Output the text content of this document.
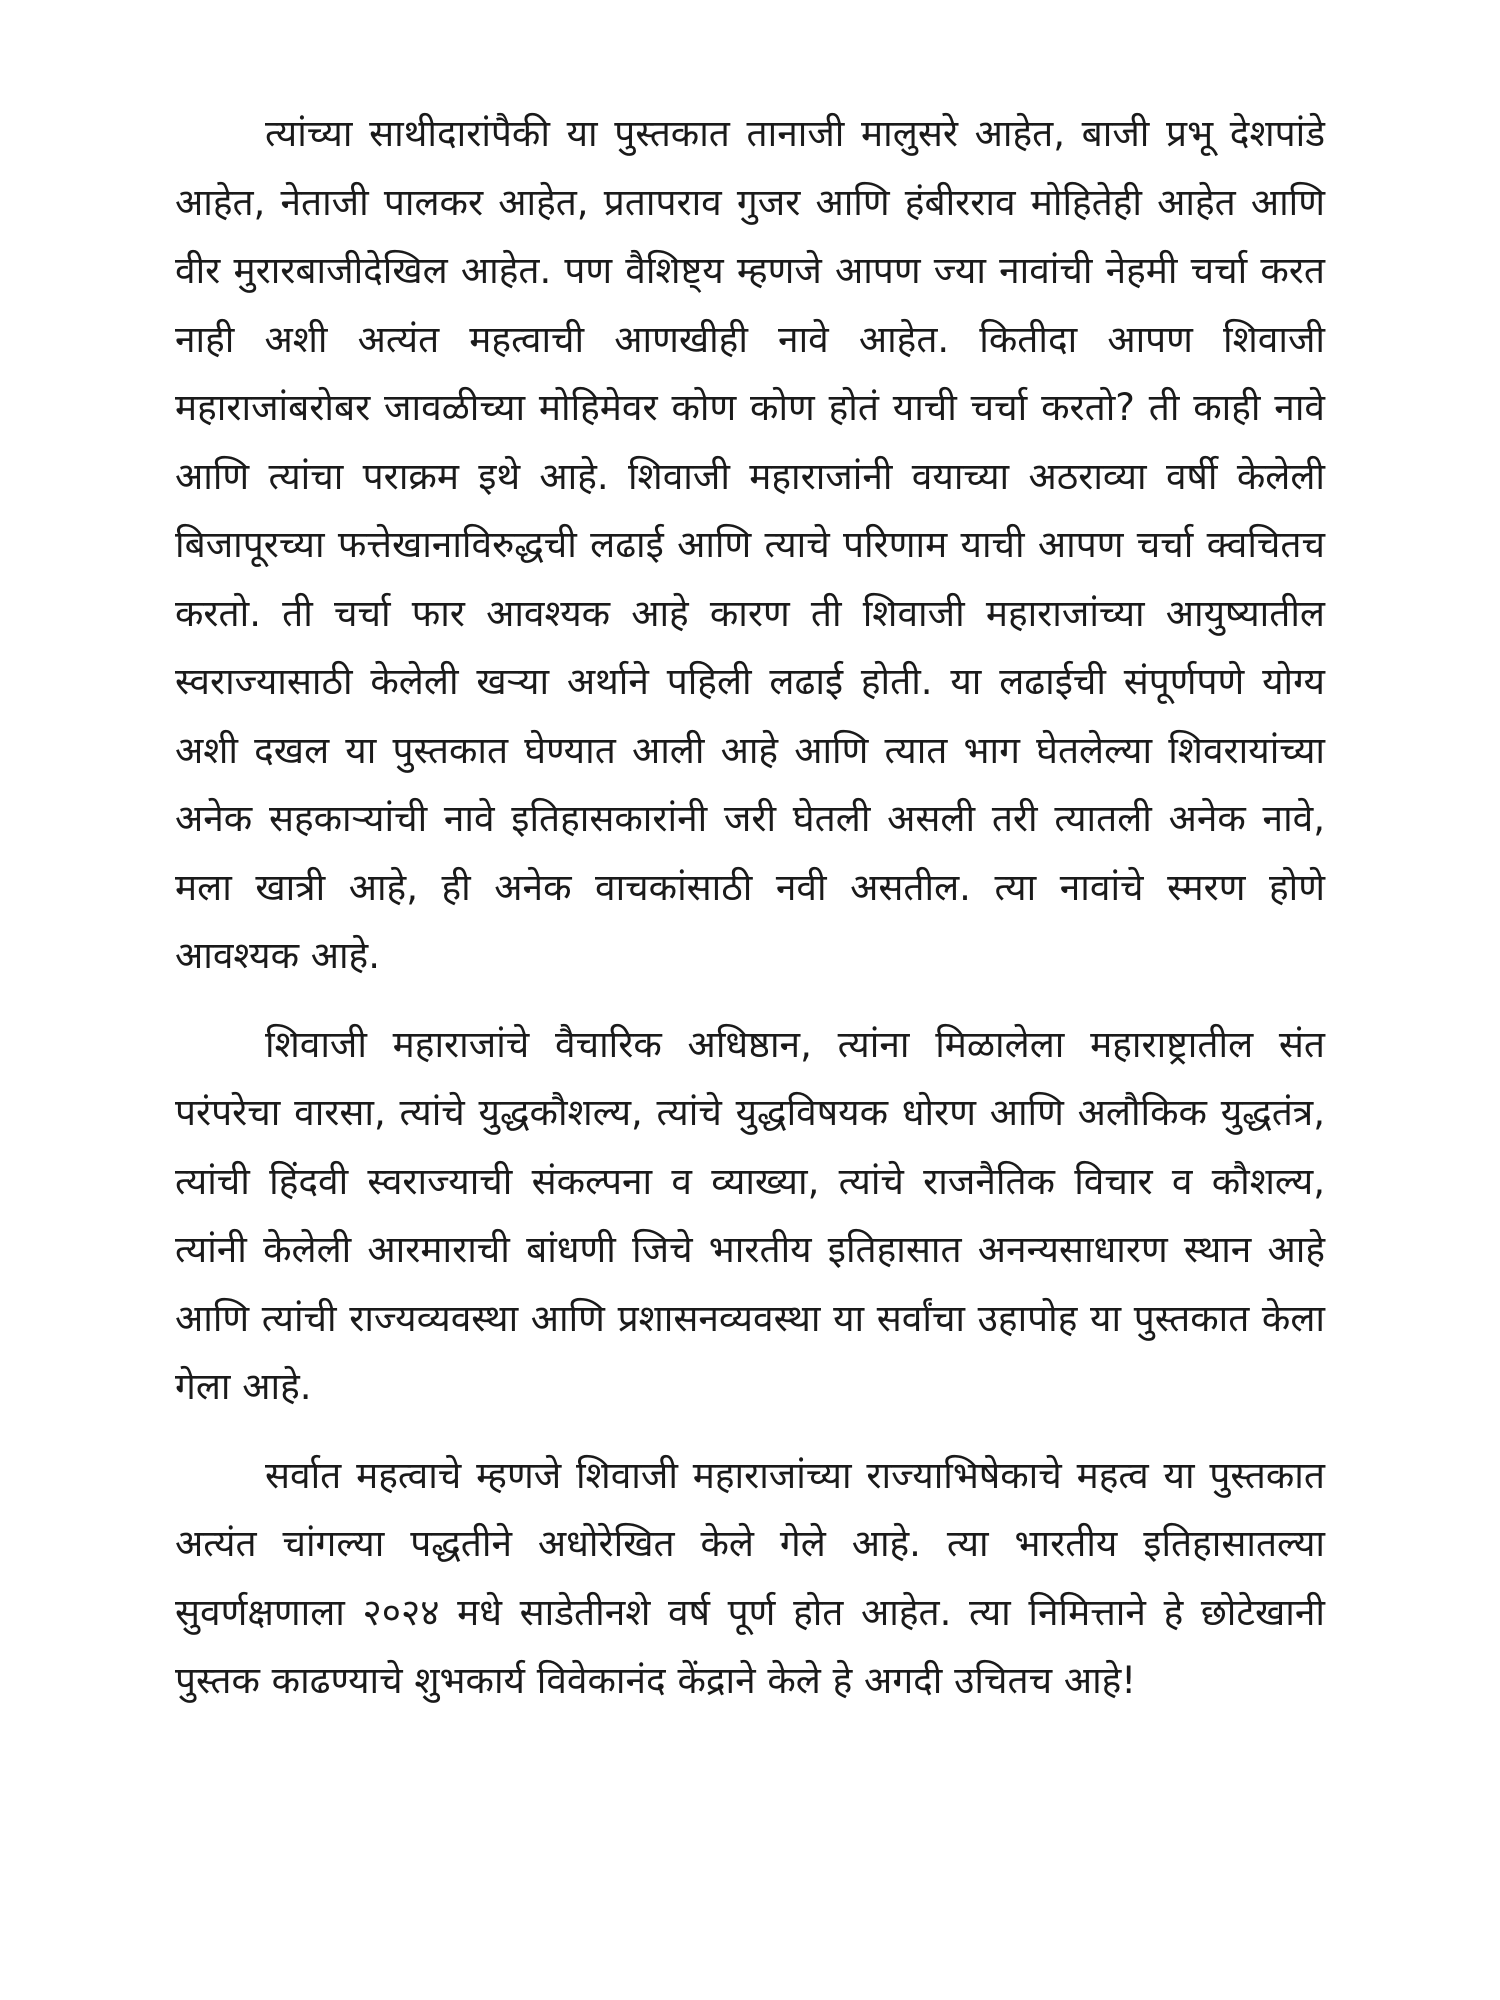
त्यांच्या साथीदारांपैकी या पुस्तकात तानाजी मालुसरे आहेत, बाजी प्रभू देशपांडे आहेत, नेताजी पालकर आहेत, प्रतापराव गुजर आणि हंबीरराव मोहितेही आहेत आणि वीर मुरारबाजीदेखिल आहेत. पण वैशिष्ट्य म्हणजे आपण ज्या नावांची नेहमी चर्चा करत नाही अशी अत्यंत महत्वाची आणखीही नावे आहेत. कितीदा आपण शिवाजी महाराजांबरोबर जावळीच्या मोहिमेवर कोण कोण होतं याची चर्चा करतो? ती काही नावे आणि त्यांचा पराक्रम इथे आहे. शिवाजी महाराजांनी वयाच्या अठराव्या वर्षी केलेली बिजापूरच्या फत्तेखानाविरुद्धची लढाई आणि त्याचे परिणाम याची आपण चर्चा क्वचितच करतो. ती चर्चा फार आवश्यक आहे कारण ती शिवाजी महाराजांच्या आयुष्यातील स्वराज्यासाठी केलेली खऱ्या अर्थाने पहिली लढाई होती. या लढाईची संपूर्णपणे योग्य अशी दखल या पुस्तकात घेण्यात आली आहे आणि त्यात भाग घेतलेल्या शिवरायांच्या अनेक सहकाऱ्यांची नावे इतिहासकारांनी जरी घेतली असली तरी त्यातली अनेक नावे, मला खात्री आहे, ही अनेक वाचकांसाठी नवी असतील. त्या नावांचे स्मरण होणे आवश्यक आहे.

शिवाजी महाराजांचे वैचारिक अधिष्ठान, त्यांना मिळालेला महाराष्ट्रातील संत परंपरेचा वारसा, त्यांचे युद्धकौशल्य, त्यांचे युद्धविषयक धोरण आणि अलौकिक युद्धतंत्र, त्यांची हिंदवी स्वराज्याची संकल्पना व व्याख्या, त्यांचे राजनैतिक विचार व कौशल्य, त्यांनी केलेली आरमाराची बांधणी जिचे भारतीय इतिहासात अनन्यसाधारण स्थान आहे आणि त्यांची राज्यव्यवस्था आणि प्रशासनव्यवस्था या सर्वांचा उहापोह या पुस्तकात केला गेला आहे.

सर्वात महत्वाचे म्हणजे शिवाजी महाराजांच्या राज्याभिषेकाचे महत्व या पुस्तकात अत्यंत चांगल्या पद्धतीने अधोरेखित केले गेले आहे. त्या भारतीय इतिहासातल्या सुवर्णक्षणाला २०२४ मधे साडेतीनशे वर्ष पूर्ण होत आहेत. त्या निमित्ताने हे छोटेखानी पुस्तक काढण्याचे शुभकार्य विवेकानंद केंद्राने केले हे अगदी उचितच आहे!
